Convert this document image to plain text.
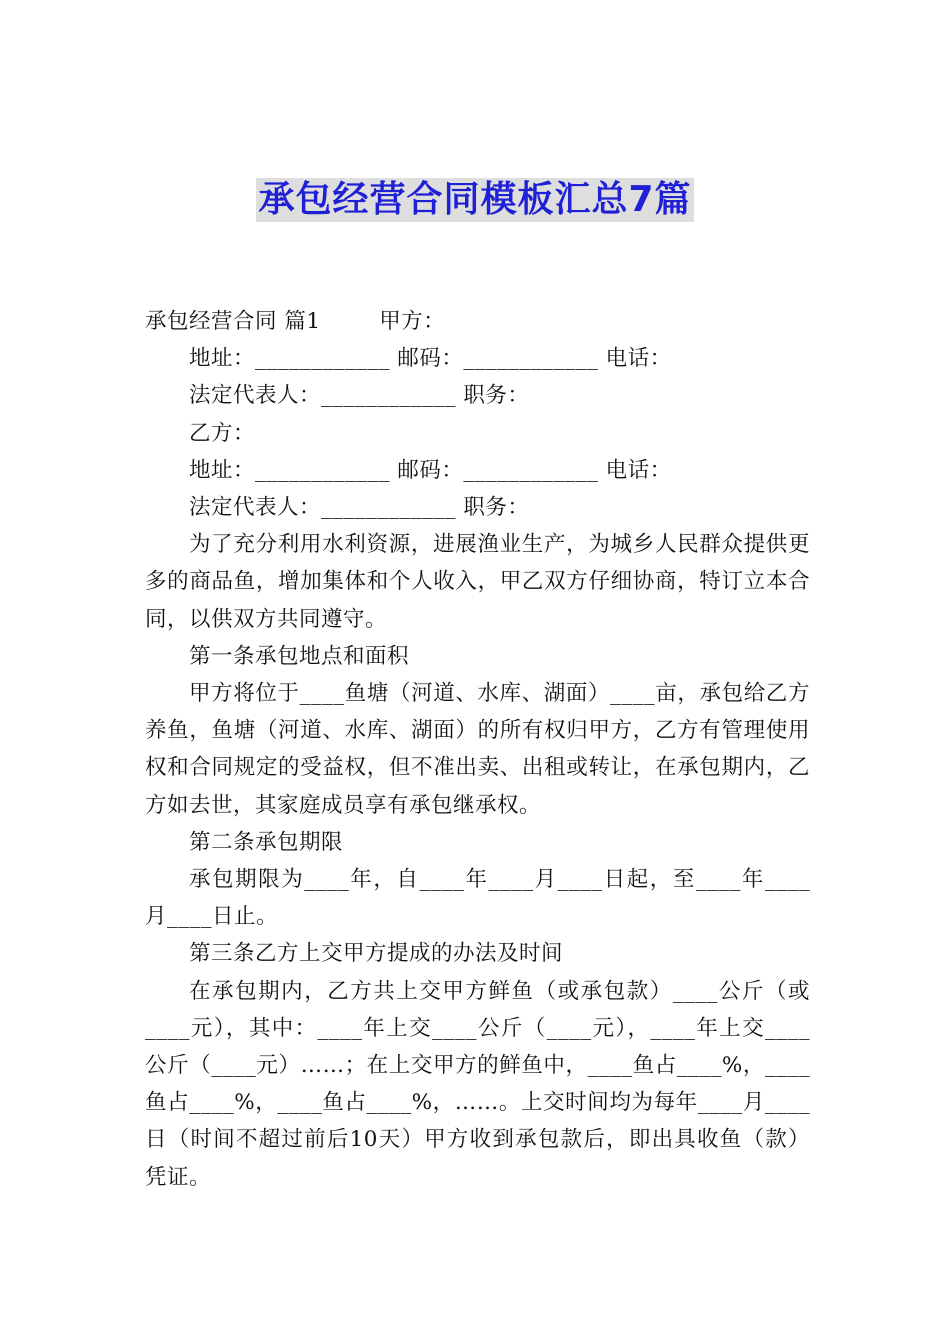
承包经营合同模板汇总7篇

承包经营合同 篇1        甲方：

地址：____________ 邮码：____________ 电话：

法定代表人：____________ 职务：

乙方：

地址：____________ 邮码：____________ 电话：

法定代表人：____________ 职务：

为了充分利用水利资源，进展渔业生产，为城乡人民群众提供更多的商品鱼，增加集体和个人收入，甲乙双方仔细协商，特订立本合同，以供双方共同遵守。

第一条承包地点和面积

甲方将位于____鱼塘（河道、水库、湖面）____亩，承包给乙方养鱼，鱼塘（河道、水库、湖面）的所有权归甲方，乙方有管理使用权和合同规定的受益权，但不准出卖、出租或转让，在承包期内，乙方如去世，其家庭成员享有承包继承权。

第二条承包期限

承包期限为____年，自____年____月____日起，至____年____月____日止。

第三条乙方上交甲方提成的办法及时间

在承包期内，乙方共上交甲方鲜鱼（或承包款）____公斤（或____元），其中：____年上交____公斤（____元），____年上交____公斤（____元）……；在上交甲方的鲜鱼中，____鱼占____%，____鱼占____%，____鱼占____%，……。上交时间均为每年____月____日（时间不超过前后10天）甲方收到承包款后，即出具收鱼（款）凭证。
